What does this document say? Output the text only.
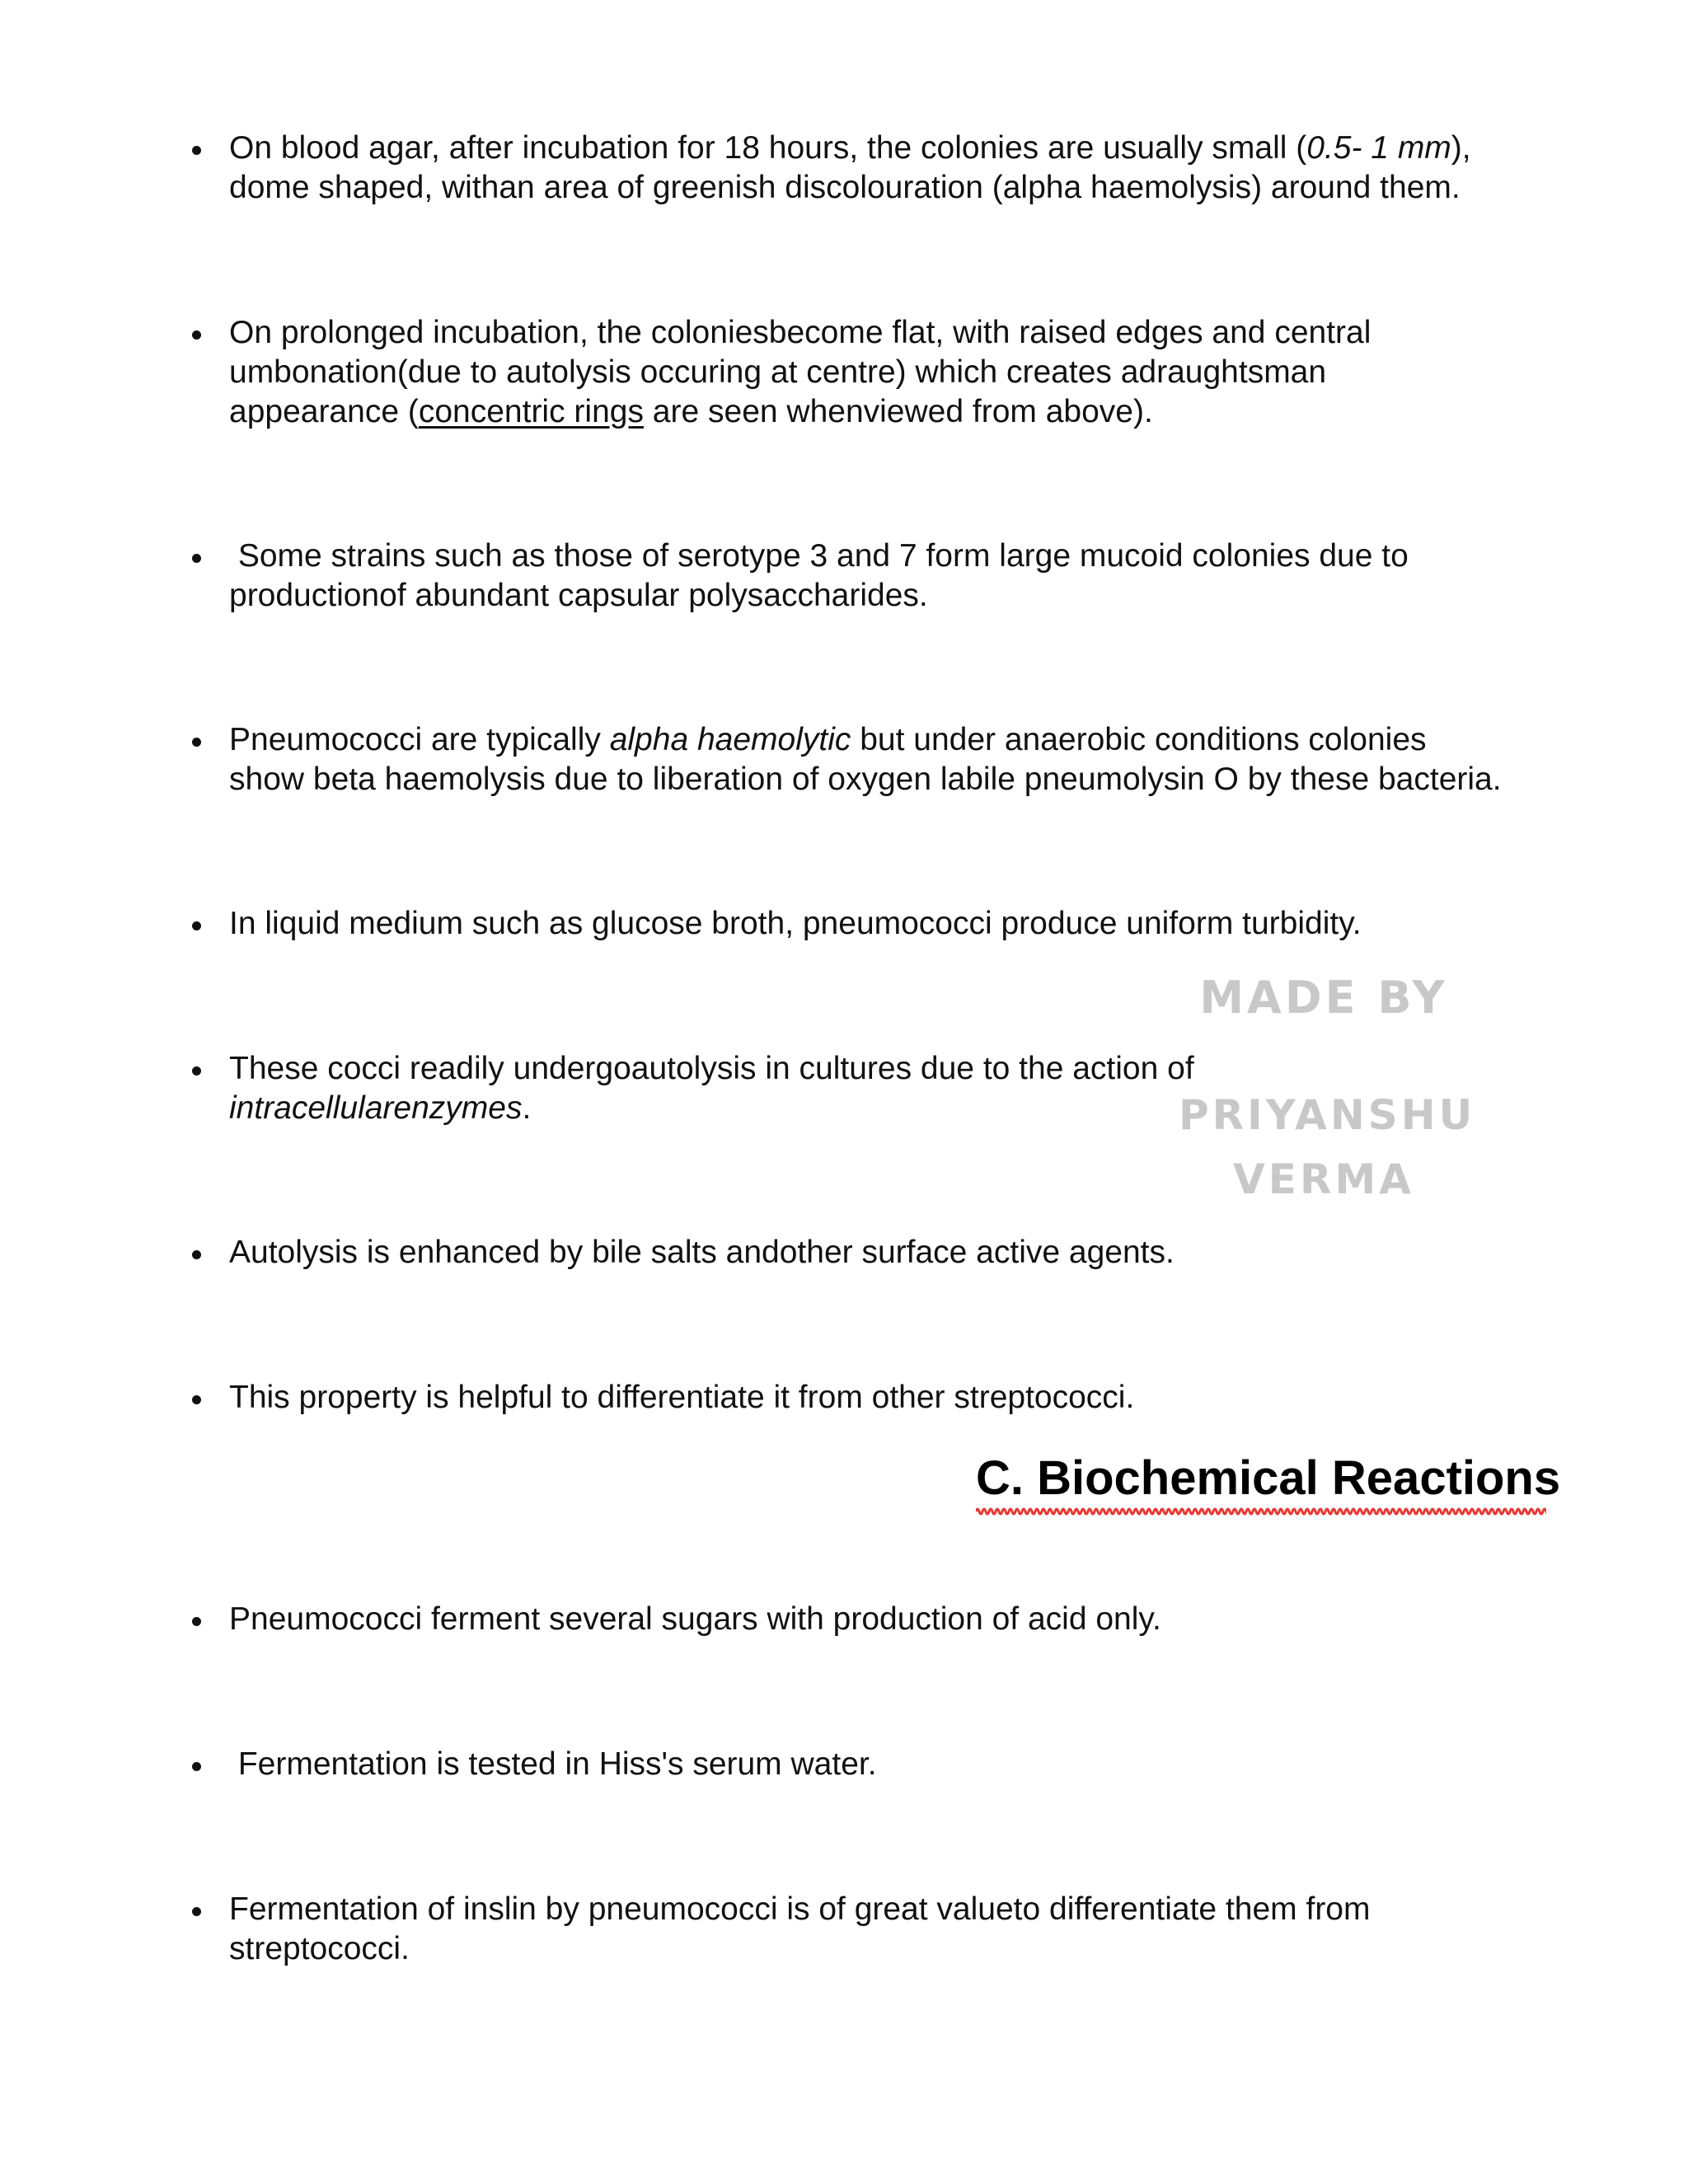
On blood agar, after incubation for 18 hours, the colonies are usually small (0.5- 1 mm),
dome shaped, withan area of greenish discolouration (alpha haemolysis) around them.
On prolonged incubation, the coloniesbecome flat, with raised edges and central
umbonation(due to autolysis occuring at centre) which creates adraughtsman
appearance (concentric rings are seen whenviewed from above).
Some strains such as those of serotype 3 and 7 form large mucoid colonies due to
productionof abundant capsular polysaccharides.
Pneumococci are typically alpha haemolytic but under anaerobic conditions colonies
show beta haemolysis due to liberation of oxygen labile pneumolysin O by these bacteria.
In liquid medium such as glucose broth, pneumococci produce uniform turbidity.
These cocci readily undergoautolysis in cultures due to the action of
intracellularenzymes.
Autolysis is enhanced by bile salts andother surface active agents.
This property is helpful to differentiate it from other streptococci.
C. Biochemical Reactions
Pneumococci ferment several sugars with production of acid only.
Fermentation is tested in Hiss's serum water.
Fermentation of inslin by pneumococci is of great valueto differentiate them from
streptococci.
MADE BY
PRIYANSHU
VERMA
